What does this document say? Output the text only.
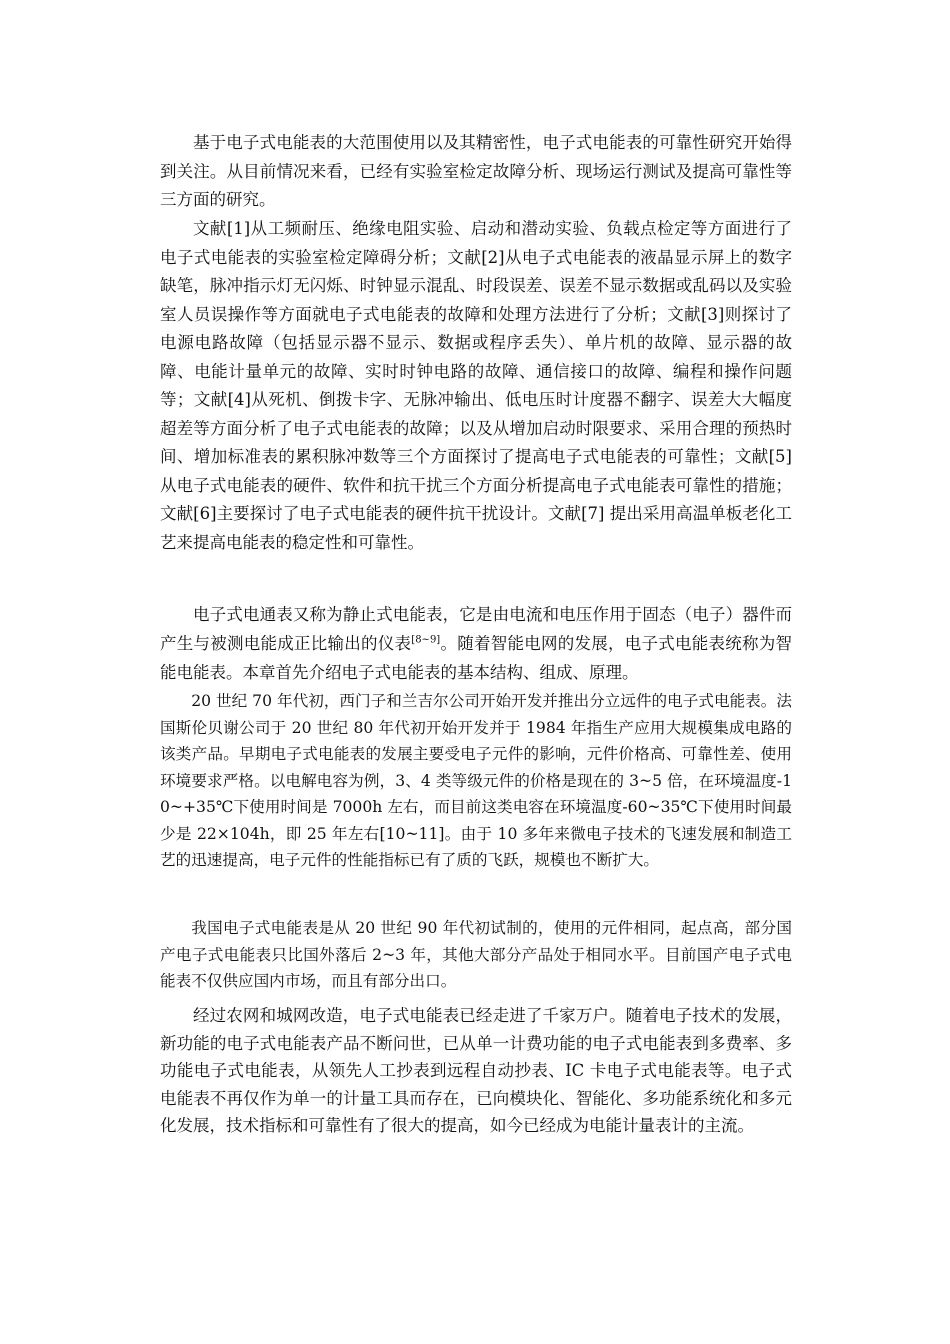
基于电子式电能表的大范围使用以及其精密性，电子式电能表的可靠性研究开始得到关注。从目前情况来看，已经有实验室检定故障分析、现场运行测试及提高可靠性等三方面的研究。

文献[1]从工频耐压、绝缘电阻实验、启动和潜动实验、负载点检定等方面进行了电子式电能表的实验室检定障碍分析；文献[2]从电子式电能表的液晶显示屏上的数字缺笔，脉冲指示灯无闪烁、时钟显示混乱、时段误差、误差不显示数据或乱码以及实验室人员误操作等方面就电子式电能表的故障和处理方法进行了分析；文献[3]则探讨了电源电路故障（包括显示器不显示、数据或程序丢失）、单片机的故障、显示器的故障、电能计量单元的故障、实时时钟电路的故障、通信接口的故障、编程和操作问题等；文献[4]从死机、倒拨卡字、无脉冲输出、低电压时计度器不翻字、误差大大幅度超差等方面分析了电子式电能表的故障；以及从增加启动时限要求、采用合理的预热时间、增加标准表的累积脉冲数等三个方面探讨了提高电子式电能表的可靠性；文献[5]从电子式电能表的硬件、软件和抗干扰三个方面分析提高电子式电能表可靠性的措施；文献[6]主要探讨了电子式电能表的硬件抗干扰设计。文献[7] 提出采用高温单板老化工艺来提高电能表的稳定性和可靠性。

电子式电通表又称为静止式电能表，它是由电流和电压作用于固态（电子）器件而产生与被测电能成正比输出的仪表[8~9]。随着智能电网的发展，电子式电能表统称为智能电能表。本章首先介绍电子式电能表的基本结构、组成、原理。

20 世纪 70 年代初，西门子和兰吉尔公司开始开发并推出分立远件的电子式电能表。法国斯伦贝谢公司于 20 世纪 80 年代初开始开发并于 1984 年指生产应用大规模集成电路的该类产品。早期电子式电能表的发展主要受电子元件的影响，元件价格高、可靠性差、使用环境要求严格。以电解电容为例，3、4 类等级元件的价格是现在的 3~5 倍，在环境温度-10~+35℃下使用时间是 7000h 左右，而目前这类电容在环境温度-60~35℃下使用时间最少是 22×104h，即 25 年左右[10~11]。由于 10 多年来微电子技术的飞速发展和制造工艺的迅速提高，电子元件的性能指标已有了质的飞跃，规模也不断扩大。

我国电子式电能表是从 20 世纪 90 年代初试制的，使用的元件相同，起点高，部分国产电子式电能表只比国外落后 2~3 年，其他大部分产品处于相同水平。目前国产电子式电能表不仅供应国内市场，而且有部分出口。

经过农网和城网改造，电子式电能表已经走进了千家万户。随着电子技术的发展，新功能的电子式电能表产品不断问世，已从单一计费功能的电子式电能表到多费率、多功能电子式电能表，从领先人工抄表到远程自动抄表、IC 卡电子式电能表等。电子式电能表不再仅作为单一的计量工具而存在，已向模块化、智能化、多功能系统化和多元化发展，技术指标和可靠性有了很大的提高，如今已经成为电能计量表计的主流。
